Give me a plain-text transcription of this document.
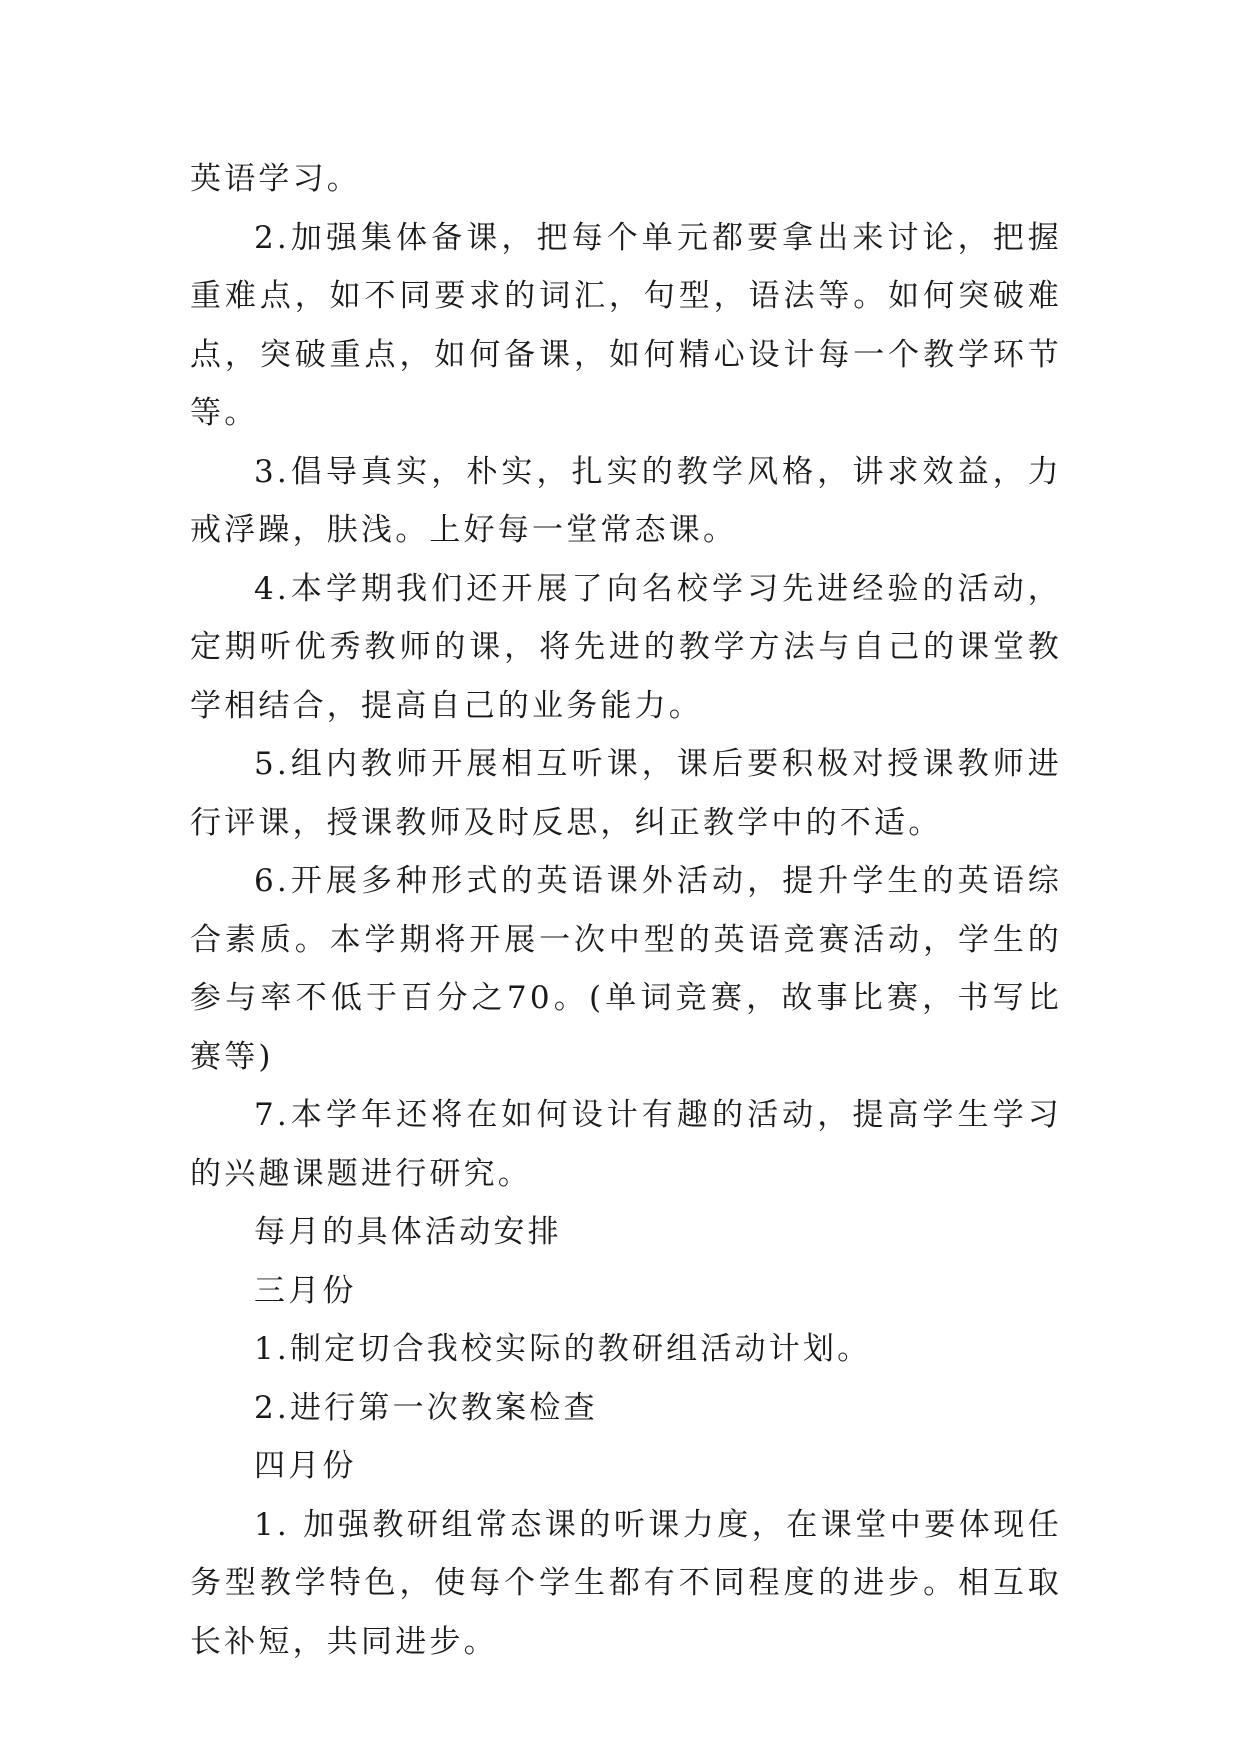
英语学习。

2.加强集体备课，把每个单元都要拿出来讨论，把握重难点，如不同要求的词汇，句型，语法等。如何突破难点，突破重点，如何备课，如何精心设计每一个教学环节等。

3.倡导真实，朴实，扎实的教学风格，讲求效益，力戒浮躁，肤浅。上好每一堂常态课。

4.本学期我们还开展了向名校学习先进经验的活动，定期听优秀教师的课，将先进的教学方法与自己的课堂教学相结合，提高自己的业务能力。

5.组内教师开展相互听课，课后要积极对授课教师进行评课，授课教师及时反思，纠正教学中的不适。

6.开展多种形式的英语课外活动，提升学生的英语综合素质。本学期将开展一次中型的英语竞赛活动，学生的参与率不低于百分之70。(单词竞赛，故事比赛，书写比赛等)

7.本学年还将在如何设计有趣的活动，提高学生学习的兴趣课题进行研究。

每月的具体活动安排

三月份

1.制定切合我校实际的教研组活动计划。

2.进行第一次教案检查

四月份

1. 加强教研组常态课的听课力度，在课堂中要体现任务型教学特色，使每个学生都有不同程度的进步。相互取长补短，共同进步。
